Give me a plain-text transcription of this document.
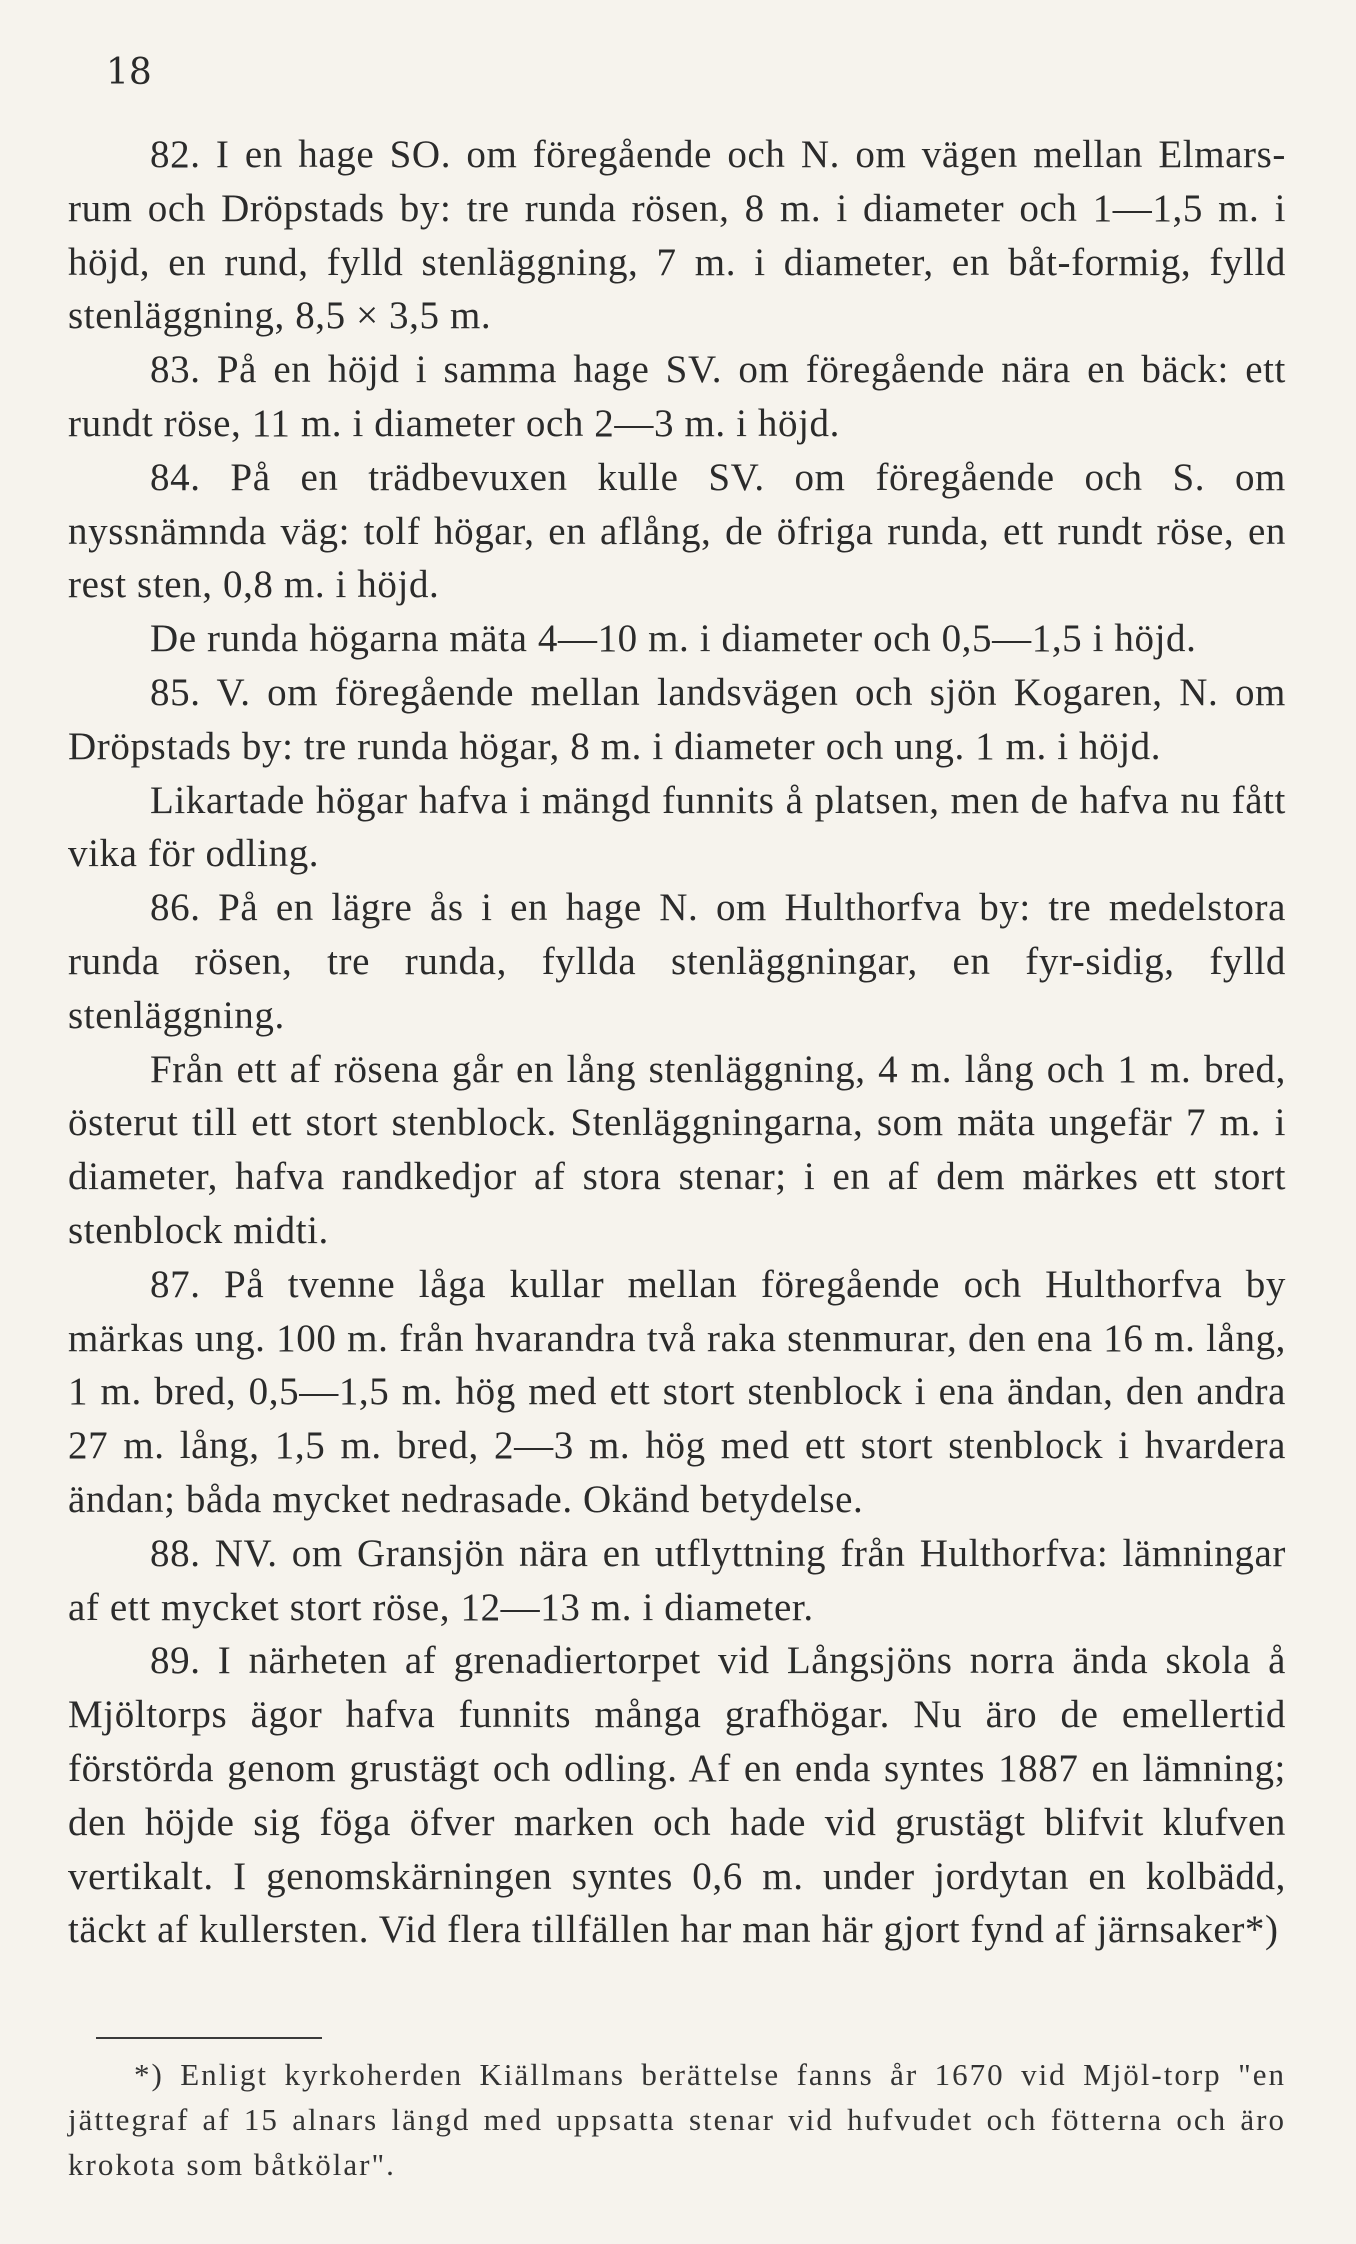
18

82. I en hage SO. om föregående och N. om vägen mellan Elmars-rum och Dröpstads by: tre runda rösen, 8 m. i diameter och 1—1,5 m. i höjd, en rund, fylld stenläggning, 7 m. i diameter, en båt-formig, fylld stenläggning, 8,5 × 3,5 m.

83. På en höjd i samma hage SV. om föregående nära en bäck: ett rundt röse, 11 m. i diameter och 2—3 m. i höjd.

84. På en trädbevuxen kulle SV. om föregående och S. om nyssnämnda väg: tolf högar, en aflång, de öfriga runda, ett rundt röse, en rest sten, 0,8 m. i höjd.

De runda högarna mäta 4—10 m. i diameter och 0,5—1,5 i höjd.

85. V. om föregående mellan landsvägen och sjön Kogaren, N. om Dröpstads by: tre runda högar, 8 m. i diameter och ung. 1 m. i höjd.

Likartade högar hafva i mängd funnits å platsen, men de hafva nu fått vika för odling.

86. På en lägre ås i en hage N. om Hulthorfva by: tre medelstora runda rösen, tre runda, fyllda stenläggningar, en fyr-sidig, fylld stenläggning.

Från ett af rösena går en lång stenläggning, 4 m. lång och 1 m. bred, österut till ett stort stenblock. Stenläggningarna, som mäta ungefär 7 m. i diameter, hafva randkedjor af stora stenar; i en af dem märkes ett stort stenblock midti.

87. På tvenne låga kullar mellan föregående och Hulthorfva by märkas ung. 100 m. från hvarandra två raka stenmurar, den ena 16 m. lång, 1 m. bred, 0,5—1,5 m. hög med ett stort stenblock i ena ändan, den andra 27 m. lång, 1,5 m. bred, 2—3 m. hög med ett stort stenblock i hvardera ändan; båda mycket nedrasade. Okänd betydelse.

88. NV. om Gransjön nära en utflyttning från Hulthorfva: lämningar af ett mycket stort röse, 12—13 m. i diameter.

89. I närheten af grenadiertorpet vid Långsjöns norra ända skola å Mjöltorps ägor hafva funnits många grafhögar. Nu äro de emellertid förstörda genom grustägt och odling. Af en enda syntes 1887 en lämning; den höjde sig föga öfver marken och hade vid grustägt blifvit klufven vertikalt. I genomskärningen syntes 0,6 m. under jordytan en kolbädd, täckt af kullersten. Vid flera tillfällen har man här gjort fynd af järnsaker*)

*) Enligt kyrkoherden Kiällmans berättelse fanns år 1670 vid Mjöl-torp "en jättegraf af 15 alnars längd med uppsatta stenar vid hufvudet och fötterna och äro krokota som båtkölar".
